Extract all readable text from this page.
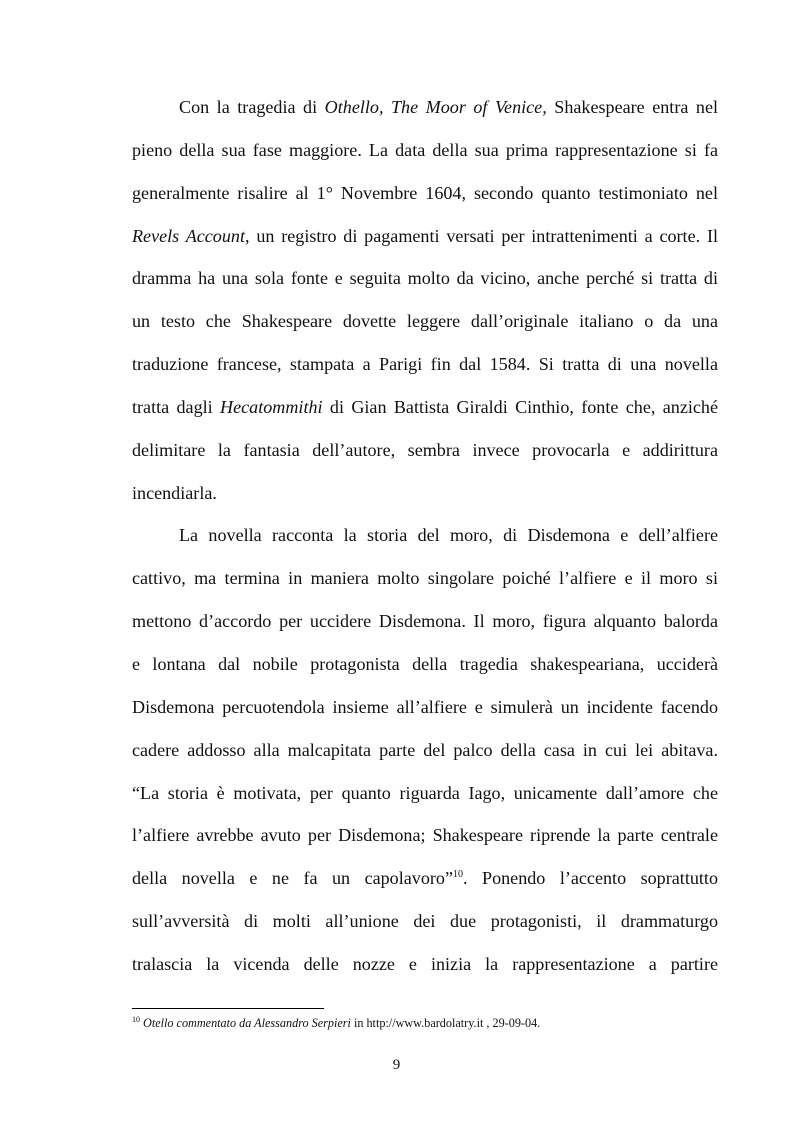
Con la tragedia di Othello, The Moor of Venice, Shakespeare entra nel
pieno della sua fase maggiore. La data della sua prima rappresentazione si fa
generalmente risalire al 1° Novembre 1604, secondo quanto testimoniato nel
Revels Account, un registro di pagamenti versati per intrattenimenti a corte. Il
dramma ha una sola fonte e seguita molto da vicino, anche perché si tratta di
un testo che Shakespeare dovette leggere dall’originale italiano o da una
traduzione francese, stampata a Parigi fin dal 1584. Si tratta di una novella
tratta dagli Hecatommithi di Gian Battista Giraldi Cinthio, fonte che, anziché
delimitare la fantasia dell’autore, sembra invece provocarla e addirittura
incendiarla.

La novella racconta la storia del moro, di Disdemona e dell’alfiere
cattivo, ma termina in maniera molto singolare poiché l’alfiere e il moro si
mettono d’accordo per uccidere Disdemona. Il moro, figura alquanto balorda
e lontana dal nobile protagonista della tragedia shakespeariana, ucciderà
Disdemona percuotendola insieme all’alfiere e simulerà un incidente facendo
cadere addosso alla malcapitata parte del palco della casa in cui lei abitava.
“La storia è motivata, per quanto riguarda Iago, unicamente dall’amore che
l’alfiere avrebbe avuto per Disdemona; Shakespeare riprende la parte centrale
della novella e ne fa un capolavoro”$^{10}$. Ponendo l’accento soprattutto
sull’avversità di molti all’unione dei due protagonisti, il drammaturgo
tralascia la vicenda delle nozze e inizia la rappresentazione a partire

$^{10}$ Otello commentato da Alessandro Serpieri in http://www.bardolatry.it , 29-09-04.
9
